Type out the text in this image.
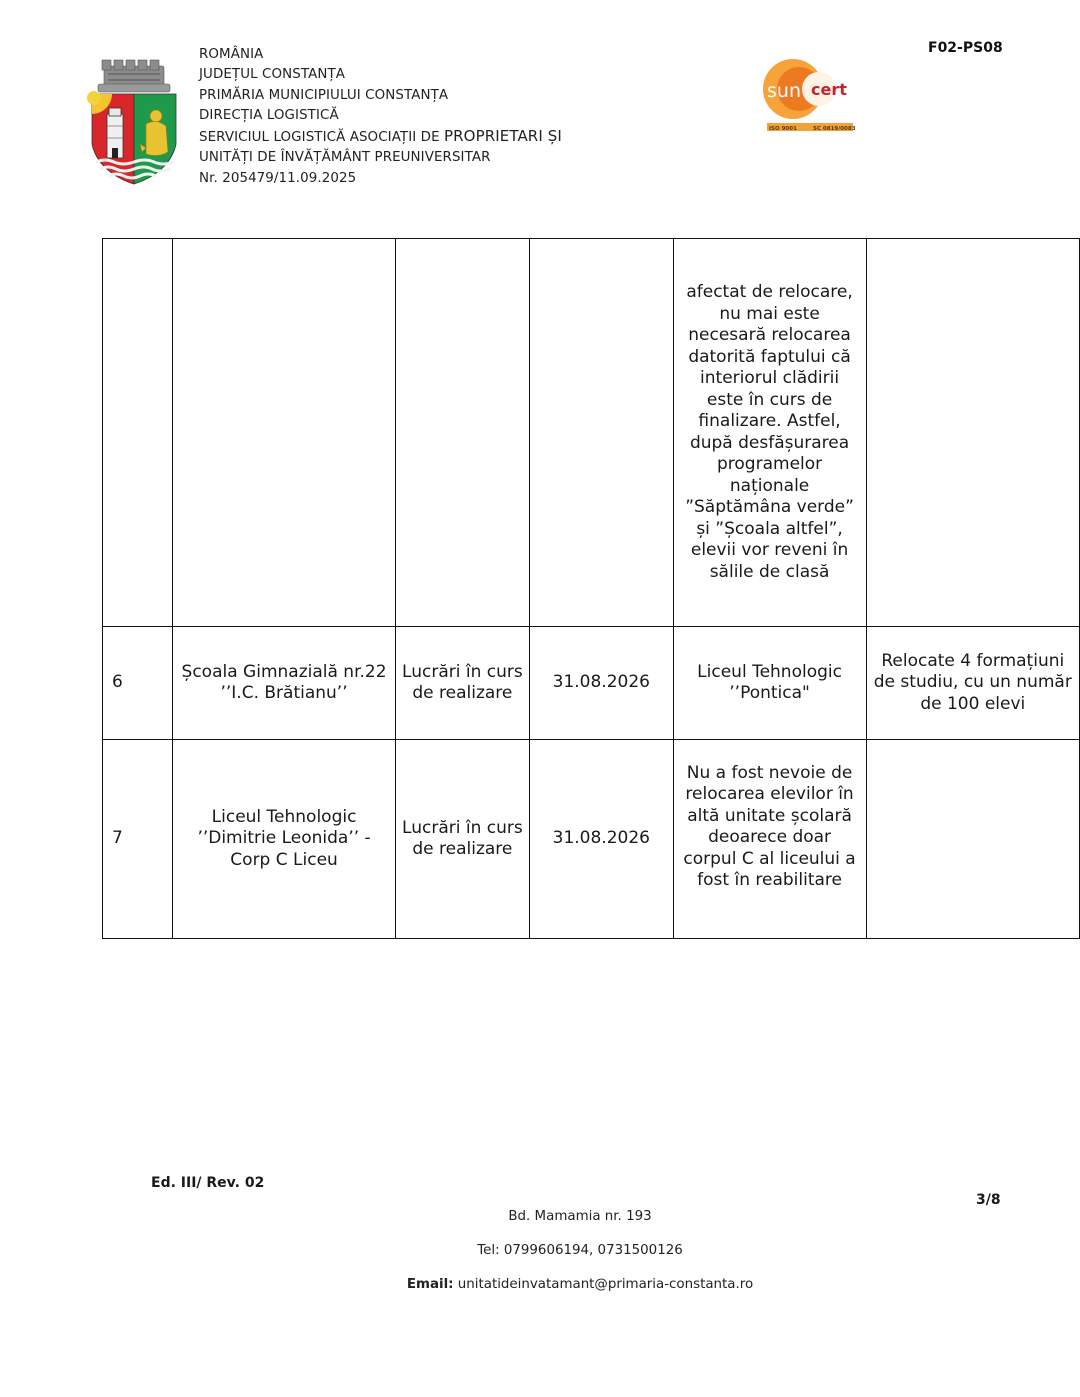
ROMÂNIA
JUDEȚUL CONSTANȚA
PRIMĂRIA MUNICIPIULUI CONSTANȚA
DIRECȚIA LOGISTICĂ
SERVICIUL LOGISTICĂ ASOCIAȚII DE PROPRIETARI ȘI
UNITĂȚI DE ÎNVĂȚĂMÂNT PREUNIVERSITAR
Nr. 205479/11.09.2025
sun cert
ISO 9001	SC 0819/00839
F02-PS08

				afectat de relocare, nu mai este necesară relocarea datorită faptului că interiorul clădirii este în curs de finalizare. Astfel, după desfășurarea programelor naționale ”Săptămâna verde” și ”Școala altfel”, elevii vor reveni în sălile de clasă	

6	Școala Gimnazială nr.22 ’’I.C. Brătianu’’	Lucrări în curs de realizare	31.08.2026	Liceul Tehnologic ’’Pontica"	Relocate 4 formațiuni de studiu, cu un număr de 100 elevi
7	Liceul Tehnologic ’’Dimitrie Leonida’’ - Corp C Liceu	Lucrări în curs de realizare	31.08.2026	Nu a fost nevoie de relocarea elevilor în altă unitate școlară deoarece doar corpul C al liceului a fost în reabilitare	

Ed. III/ Rev. 02
3/8
Bd. Mamamia nr. 193
Tel: 0799606194, 0731500126
Email: unitatideinvatamant@primaria-constanta.ro
